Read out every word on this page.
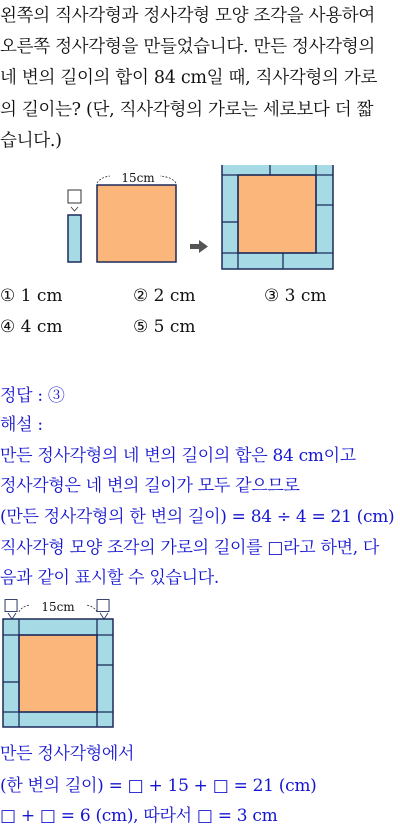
왼쪽의 직사각형과 정사각형 모양 조각을 사용하여
오른쪽 정사각형을 만들었습니다. 만든 정사각형의
네 변의 길이의 합이 84 cm일 때, 직사각형의 가로
의 길이는? (단, 직사각형의 가로는 세로보다 더 짧
습니다.)
15cm
① 1 cm	② 2 cm	③ 3 cm
④ 4 cm	⑤ 5 cm
정답 : ③
해설 :
만든 정사각형의 네 변의 길이의 합은 84 cm이고
정사각형은 네 변의 길이가 모두 같으므로
(만든 정사각형의 한 변의 길이) = 84 ÷ 4 = 21 (cm)
직사각형 모양 조각의 가로의 길이를 □라고 하면, 다
음과 같이 표시할 수 있습니다.
□	□
15cm
만든 정사각형에서
(한 변의 길이) = □ + 15 + □ = 21 (cm)
□ + □ = 6 (cm), 따라서 □ = 3 cm
